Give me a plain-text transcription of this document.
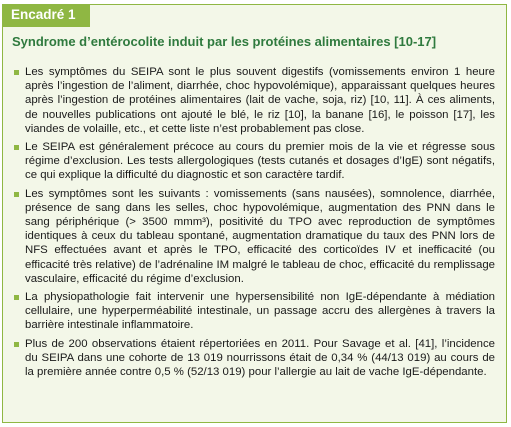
Encadré 1
Syndrome d’entérocolite induit par les protéines alimentaires [10-17]

Les symptômes du SEIPA sont le plus souvent digestifs (vomissements environ 1 heure après l’ingestion de l’aliment, diarrhée, choc hypovolémique), apparaissant quelques heures après l’ingestion de protéines alimentaires (lait de vache, soja, riz) [10, 11]. À ces aliments, de nouvelles publications ont ajouté le blé, le riz [10], la banane [16], le poisson [17], les viandes de volaille, etc., et cette liste n’est probablement pas close.

Le SEIPA est généralement précoce au cours du premier mois de la vie et régresse sous régime d’exclusion. Les tests allergologiques (tests cutanés et dosages d’IgE) sont négatifs, ce qui explique la difficulté du diagnostic et son caractère tardif.

Les symptômes sont les suivants : vomissements (sans nausées), somnolence, diarrhée, présence de sang dans les selles, choc hypovolémique, augmentation des PNN dans le sang périphérique (> 3500 mmm³), positivité du TPO avec reproduction de symptômes identiques à ceux du tableau spontané, augmentation dramatique du taux des PNN lors de NFS effectuées avant et après le TPO, efficacité des corticoïdes IV et inefficacité (ou efficacité très relative) de l’adrénaline IM malgré le tableau de choc, efficacité du remplissage vasculaire, efficacité du régime d’exclusion.

La physiopathologie fait intervenir une hypersensibilité non IgE-dépendante à médiation cellulaire, une hyperperméabilité intestinale, un passage accru des allergènes à travers la barrière intestinale inflammatoire.

Plus de 200 observations étaient répertoriées en 2011. Pour Savage et al. [41], l’incidence du SEIPA dans une cohorte de 13 019 nourrissons était de 0,34 % (44/13 019) au cours de la première année contre 0,5 % (52/13 019) pour l’allergie au lait de vache IgE-dépendante.
